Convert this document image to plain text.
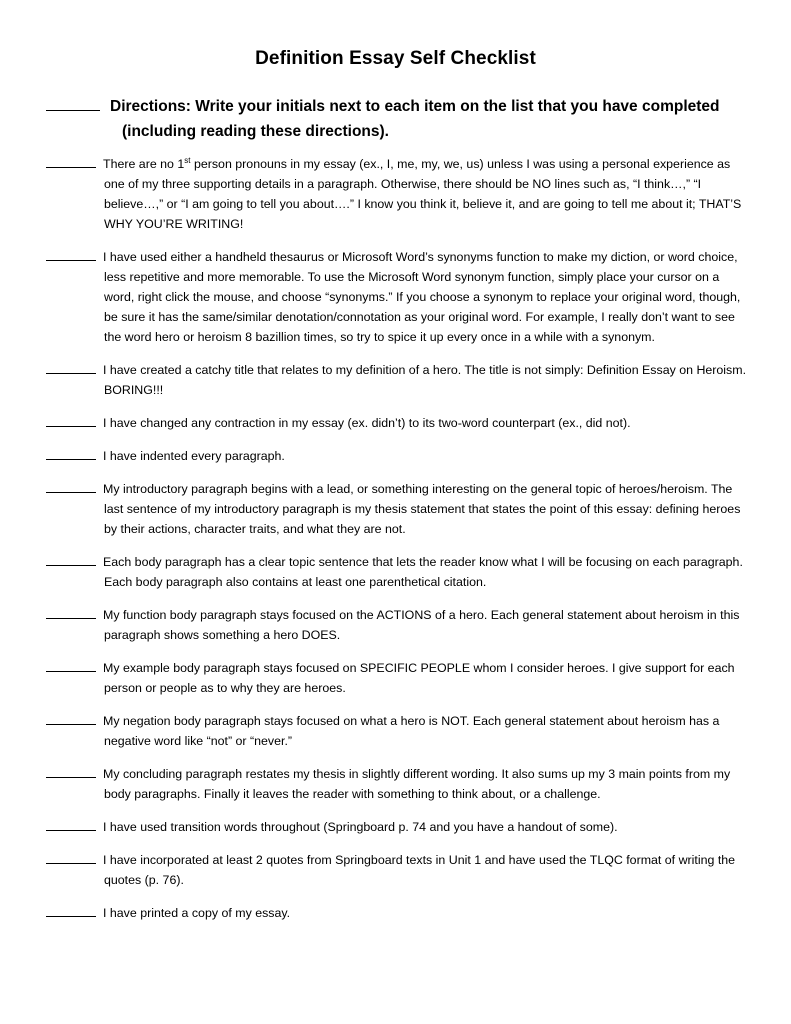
Definition Essay Self Checklist
Directions: Write your initials next to each item on the list that you have completed
(including reading these directions).

There are no 1st person pronouns in my essay (ex., I, me, my, we, us) unless I was using a personal experience as one of my three supporting details in a paragraph. Otherwise, there should be NO lines such as, “I think…,” “I believe…,” or “I am going to tell you about….” I know you think it, believe it, and are going to tell me about it; THAT’S WHY YOU’RE WRITING!

I have used either a handheld thesaurus or Microsoft Word’s synonyms function to make my diction, or word choice, less repetitive and more memorable. To use the Microsoft Word synonym function, simply place your cursor on a word, right click the mouse, and choose “synonyms.” If you choose a synonym to replace your original word, though, be sure it has the same/similar denotation/connotation as your original word. For example, I really don’t want to see the word hero or heroism 8 bazillion times, so try to spice it up every once in a while with a synonym.

I have created a catchy title that relates to my definition of a hero. The title is not simply: Definition Essay on Heroism. BORING!!!

I have changed any contraction in my essay (ex. didn’t) to its two-word counterpart (ex., did not).

I have indented every paragraph.

My introductory paragraph begins with a lead, or something interesting on the general topic of heroes/heroism. The last sentence of my introductory paragraph is my thesis statement that states the point of this essay: defining heroes by their actions, character traits, and what they are not.

Each body paragraph has a clear topic sentence that lets the reader know what I will be focusing on each paragraph. Each body paragraph also contains at least one parenthetical citation.

My function body paragraph stays focused on the ACTIONS of a hero. Each general statement about heroism in this paragraph shows something a hero DOES.

My example body paragraph stays focused on SPECIFIC PEOPLE whom I consider heroes. I give support for each person or people as to why they are heroes.

My negation body paragraph stays focused on what a hero is NOT. Each general statement about heroism has a negative word like “not” or “never.”

My concluding paragraph restates my thesis in slightly different wording. It also sums up my 3 main points from my body paragraphs. Finally it leaves the reader with something to think about, or a challenge.

I have used transition words throughout (Springboard p. 74 and you have a handout of some).

I have incorporated at least 2 quotes from Springboard texts in Unit 1 and have used the TLQC format of writing the quotes (p. 76).

I have printed a copy of my essay.
